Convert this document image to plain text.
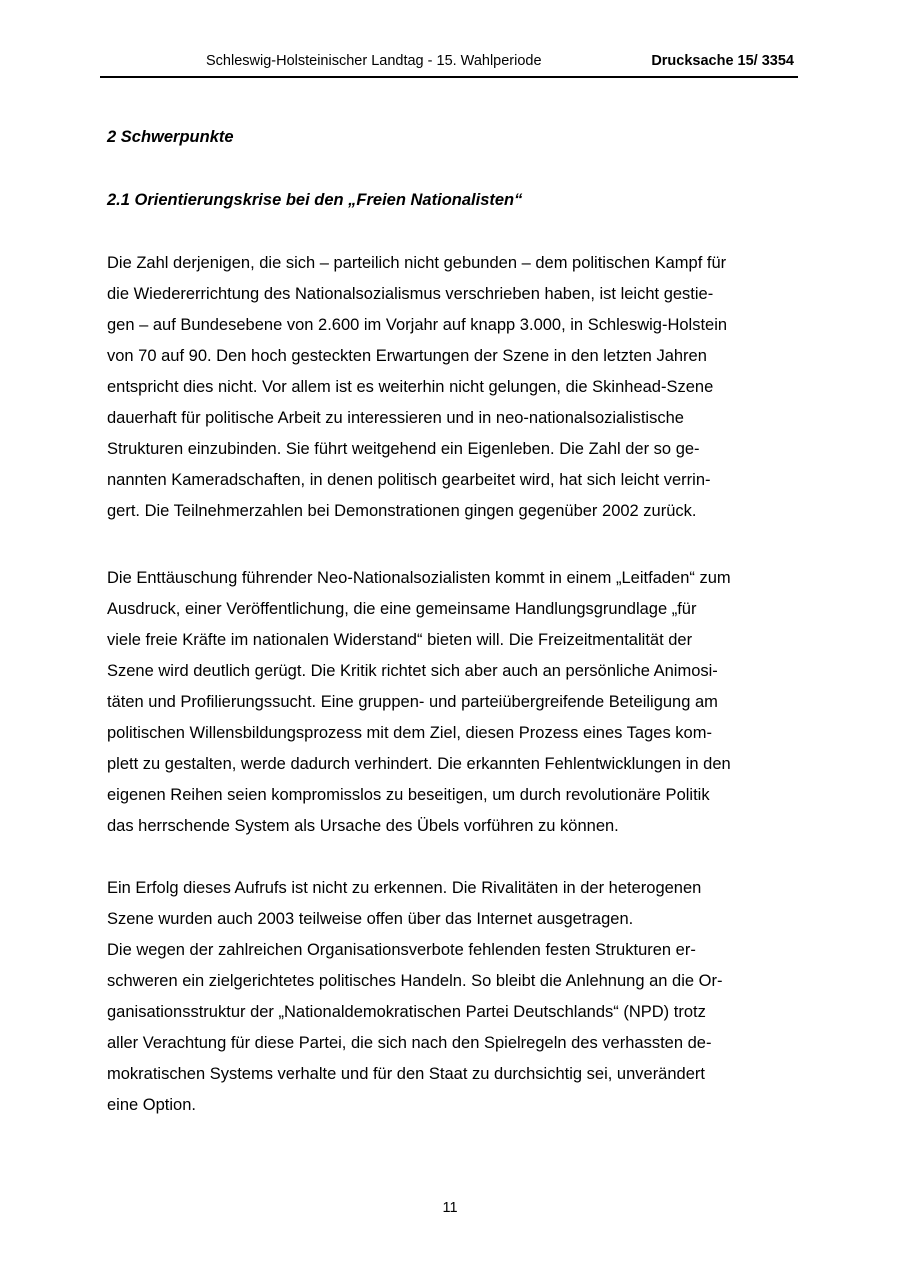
Schleswig-Holsteinischer Landtag - 15. Wahlperiode	Drucksache 15/ 3354
2 Schwerpunkte
2.1 Orientierungskrise bei den „Freien Nationalisten“
Die Zahl derjenigen, die sich – parteilich nicht gebunden – dem politischen Kampf für
die Wiedererrichtung des Nationalsozialismus verschrieben haben, ist leicht gestie-
gen – auf Bundesebene von 2.600 im Vorjahr auf knapp 3.000, in Schleswig-Holstein
von 70 auf 90. Den hoch gesteckten Erwartungen der Szene in den letzten Jahren
entspricht dies nicht. Vor allem ist es weiterhin nicht gelungen, die Skinhead-Szene
dauerhaft für politische Arbeit zu interessieren und in neo-nationalsozialistische
Strukturen einzubinden. Sie führt weitgehend ein Eigenleben. Die Zahl der so ge-
nannten Kameradschaften, in denen politisch gearbeitet wird, hat sich leicht verrin-
gert. Die Teilnehmerzahlen bei Demonstrationen gingen gegenüber 2002 zurück.
Die Enttäuschung führender Neo-Nationalsozialisten kommt in einem „Leitfaden“ zum
Ausdruck, einer Veröffentlichung, die eine gemeinsame Handlungsgrundlage „für
viele freie Kräfte im nationalen Widerstand“ bieten will. Die Freizeitmentalität der
Szene wird deutlich gerügt. Die Kritik richtet sich aber auch an persönliche Animosi-
täten und Profilierungssucht. Eine gruppen- und parteiübergreifende Beteiligung am
politischen Willensbildungsprozess mit dem Ziel, diesen Prozess eines Tages kom-
plett zu gestalten, werde dadurch verhindert. Die erkannten Fehlentwicklungen in den
eigenen Reihen seien kompromisslos zu beseitigen, um durch revolutionäre Politik
das herrschende System als Ursache des Übels vorführen zu können.
Ein Erfolg dieses Aufrufs ist nicht zu erkennen. Die Rivalitäten in der heterogenen
Szene wurden auch 2003 teilweise offen über das Internet ausgetragen.
Die wegen der zahlreichen Organisationsverbote fehlenden festen Strukturen er-
schweren ein zielgerichtetes politisches Handeln. So bleibt die Anlehnung an die Or-
ganisationsstruktur der „Nationaldemokratischen Partei Deutschlands“ (NPD) trotz
aller Verachtung für diese Partei, die sich nach den Spielregeln des verhassten de-
mokratischen Systems verhalte und für den Staat zu durchsichtig sei, unverändert
eine Option.
11
